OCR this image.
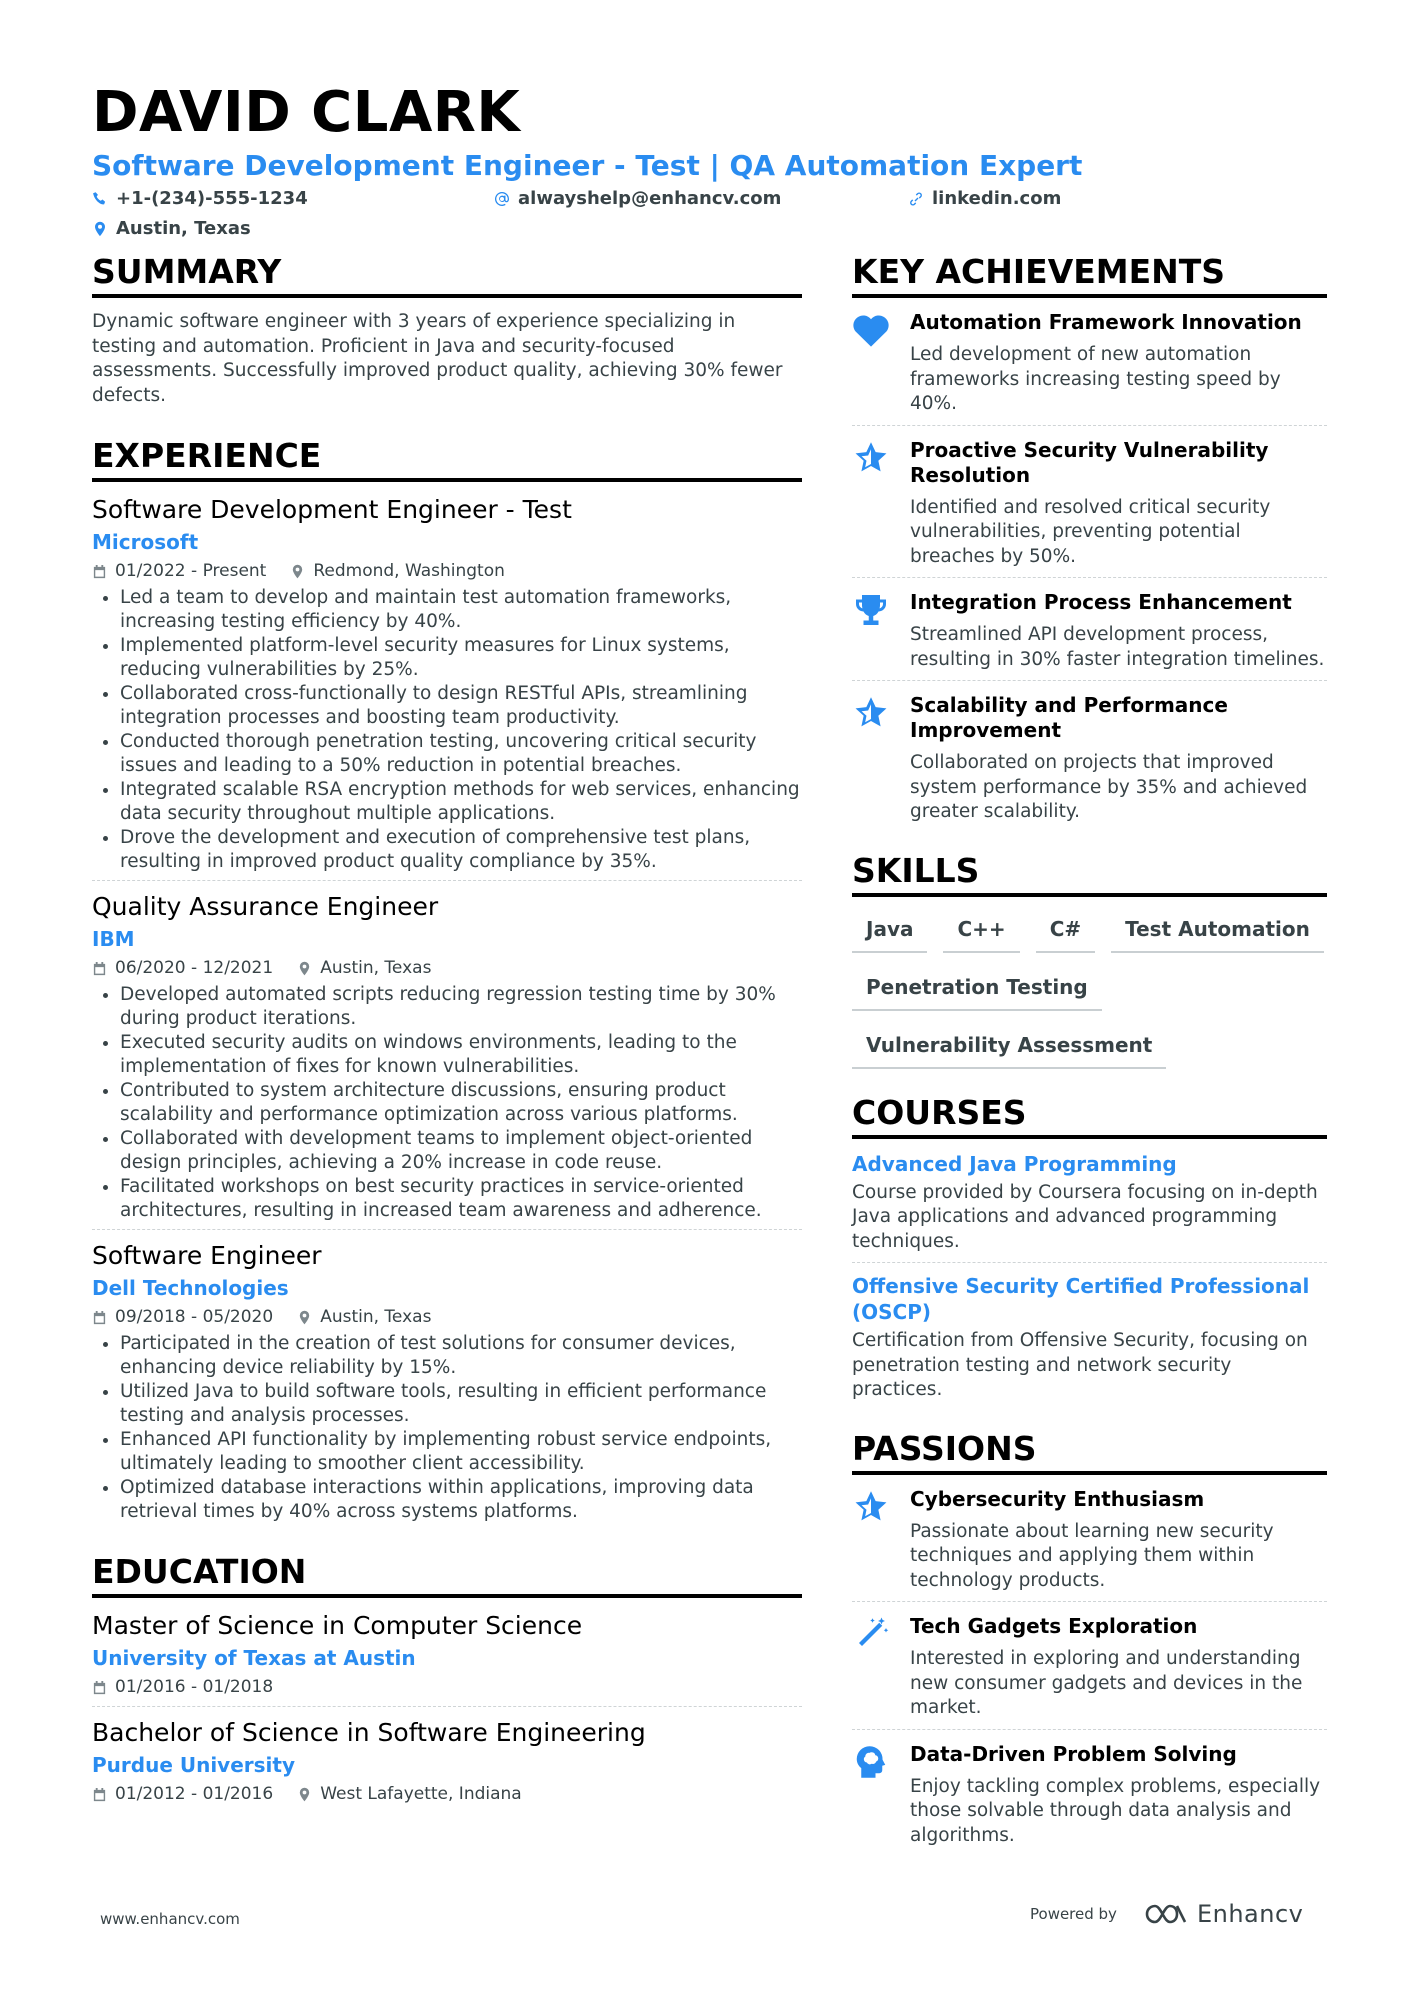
DAVID CLARK
Software Development Engineer - Test | QA Automation Expert
+1-(234)-555-1234	alwayshelp@enhancv.com	linkedin.com
Austin, Texas
SUMMARY
Dynamic software engineer with 3 years of experience specializing in testing and automation. Proficient in Java and security-focused assessments. Successfully improved product quality, achieving 30% fewer defects.
EXPERIENCE
Software Development Engineer - Test
Microsoft
01/2022 - Present	Redmond, Washington
• Led a team to develop and maintain test automation frameworks, increasing testing efficiency by 40%.
• Implemented platform-level security measures for Linux systems, reducing vulnerabilities by 25%.
• Collaborated cross-functionally to design RESTful APIs, streamlining integration processes and boosting team productivity.
• Conducted thorough penetration testing, uncovering critical security issues and leading to a 50% reduction in potential breaches.
• Integrated scalable RSA encryption methods for web services, enhancing data security throughout multiple applications.
• Drove the development and execution of comprehensive test plans, resulting in improved product quality compliance by 35%.
Quality Assurance Engineer
IBM
06/2020 - 12/2021	Austin, Texas
• Developed automated scripts reducing regression testing time by 30% during product iterations.
• Executed security audits on windows environments, leading to the implementation of fixes for known vulnerabilities.
• Contributed to system architecture discussions, ensuring product scalability and performance optimization across various platforms.
• Collaborated with development teams to implement object-oriented design principles, achieving a 20% increase in code reuse.
• Facilitated workshops on best security practices in service-oriented architectures, resulting in increased team awareness and adherence.
Software Engineer
Dell Technologies
09/2018 - 05/2020	Austin, Texas
• Participated in the creation of test solutions for consumer devices, enhancing device reliability by 15%.
• Utilized Java to build software tools, resulting in efficient performance testing and analysis processes.
• Enhanced API functionality by implementing robust service endpoints, ultimately leading to smoother client accessibility.
• Optimized database interactions within applications, improving data retrieval times by 40% across systems platforms.
EDUCATION
Master of Science in Computer Science
University of Texas at Austin
01/2016 - 01/2018
Bachelor of Science in Software Engineering
Purdue University
01/2012 - 01/2016	West Lafayette, Indiana
KEY ACHIEVEMENTS
Automation Framework Innovation
Led development of new automation frameworks increasing testing speed by 40%.
Proactive Security Vulnerability Resolution
Identified and resolved critical security vulnerabilities, preventing potential breaches by 50%.
Integration Process Enhancement
Streamlined API development process, resulting in 30% faster integration timelines.
Scalability and Performance Improvement
Collaborated on projects that improved system performance by 35% and achieved greater scalability.
SKILLS
Java	C++	C#	Test Automation
Penetration Testing
Vulnerability Assessment
COURSES
Advanced Java Programming
Course provided by Coursera focusing on in-depth Java applications and advanced programming techniques.
Offensive Security Certified Professional (OSCP)
Certification from Offensive Security, focusing on penetration testing and network security practices.
PASSIONS
Cybersecurity Enthusiasm
Passionate about learning new security techniques and applying them within technology products.
Tech Gadgets Exploration
Interested in exploring and understanding new consumer gadgets and devices in the market.
Data-Driven Problem Solving
Enjoy tackling complex problems, especially those solvable through data analysis and algorithms.
www.enhancv.com	Powered by	Enhancv
